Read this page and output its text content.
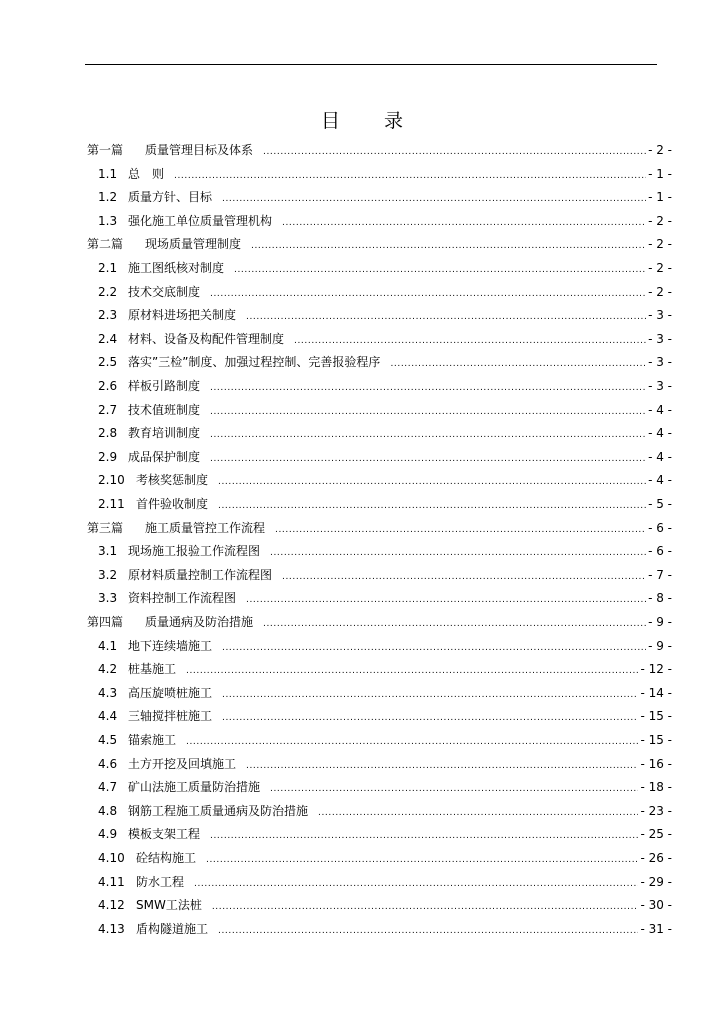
目录
第一篇	质量管理目标及体系 .....	- 2 -
1.1 总　则 .....	- 1 -
1.2 质量方针、目标 .....	- 1 -
1.3 强化施工单位质量管理机构 .....	- 2 -
第二篇	现场质量管理制度 .....	- 2 -
2.1 施工图纸核对制度 .....	- 2 -
2.2 技术交底制度 .....	- 2 -
2.3 原材料进场把关制度 .....	- 3 -
2.4 材料、设备及构配件管理制度 .....	- 3 -
2.5 落实”三检”制度、加强过程控制、完善报验程序 .....	- 3 -
2.6 样板引路制度 .....	- 3 -
2.7 技术值班制度 .....	- 4 -
2.8 教育培训制度 .....	- 4 -
2.9 成品保护制度 .....	- 4 -
2.10 考核奖惩制度 .....	- 4 -
2.11 首件验收制度 .....	- 5 -
第三篇	施工质量管控工作流程 .....	- 6 -
3.1 现场施工报验工作流程图 .....	- 6 -
3.2 原材料质量控制工作流程图 .....	- 7 -
3.3 资料控制工作流程图 .....	- 8 -
第四篇	质量通病及防治措施 .....	- 9 -
4.1 地下连续墙施工 .....	- 9 -
4.2 桩基施工 .....	- 12 -
4.3 高压旋喷桩施工 .....	- 14 -
4.4 三轴搅拌桩施工 .....	- 15 -
4.5 锚索施工 .....	- 15 -
4.6 土方开挖及回填施工 .....	- 16 -
4.7 矿山法施工质量防治措施 .....	- 18 -
4.8 钢筋工程施工质量通病及防治措施 .....	- 23 -
4.9 模板支架工程 .....	- 25 -
4.10 砼结构施工 .....	- 26 -
4.11 防水工程 .....	- 29 -
4.12 SMW工法桩 .....	- 30 -
4.13 盾构隧道施工 .....	- 31 -
